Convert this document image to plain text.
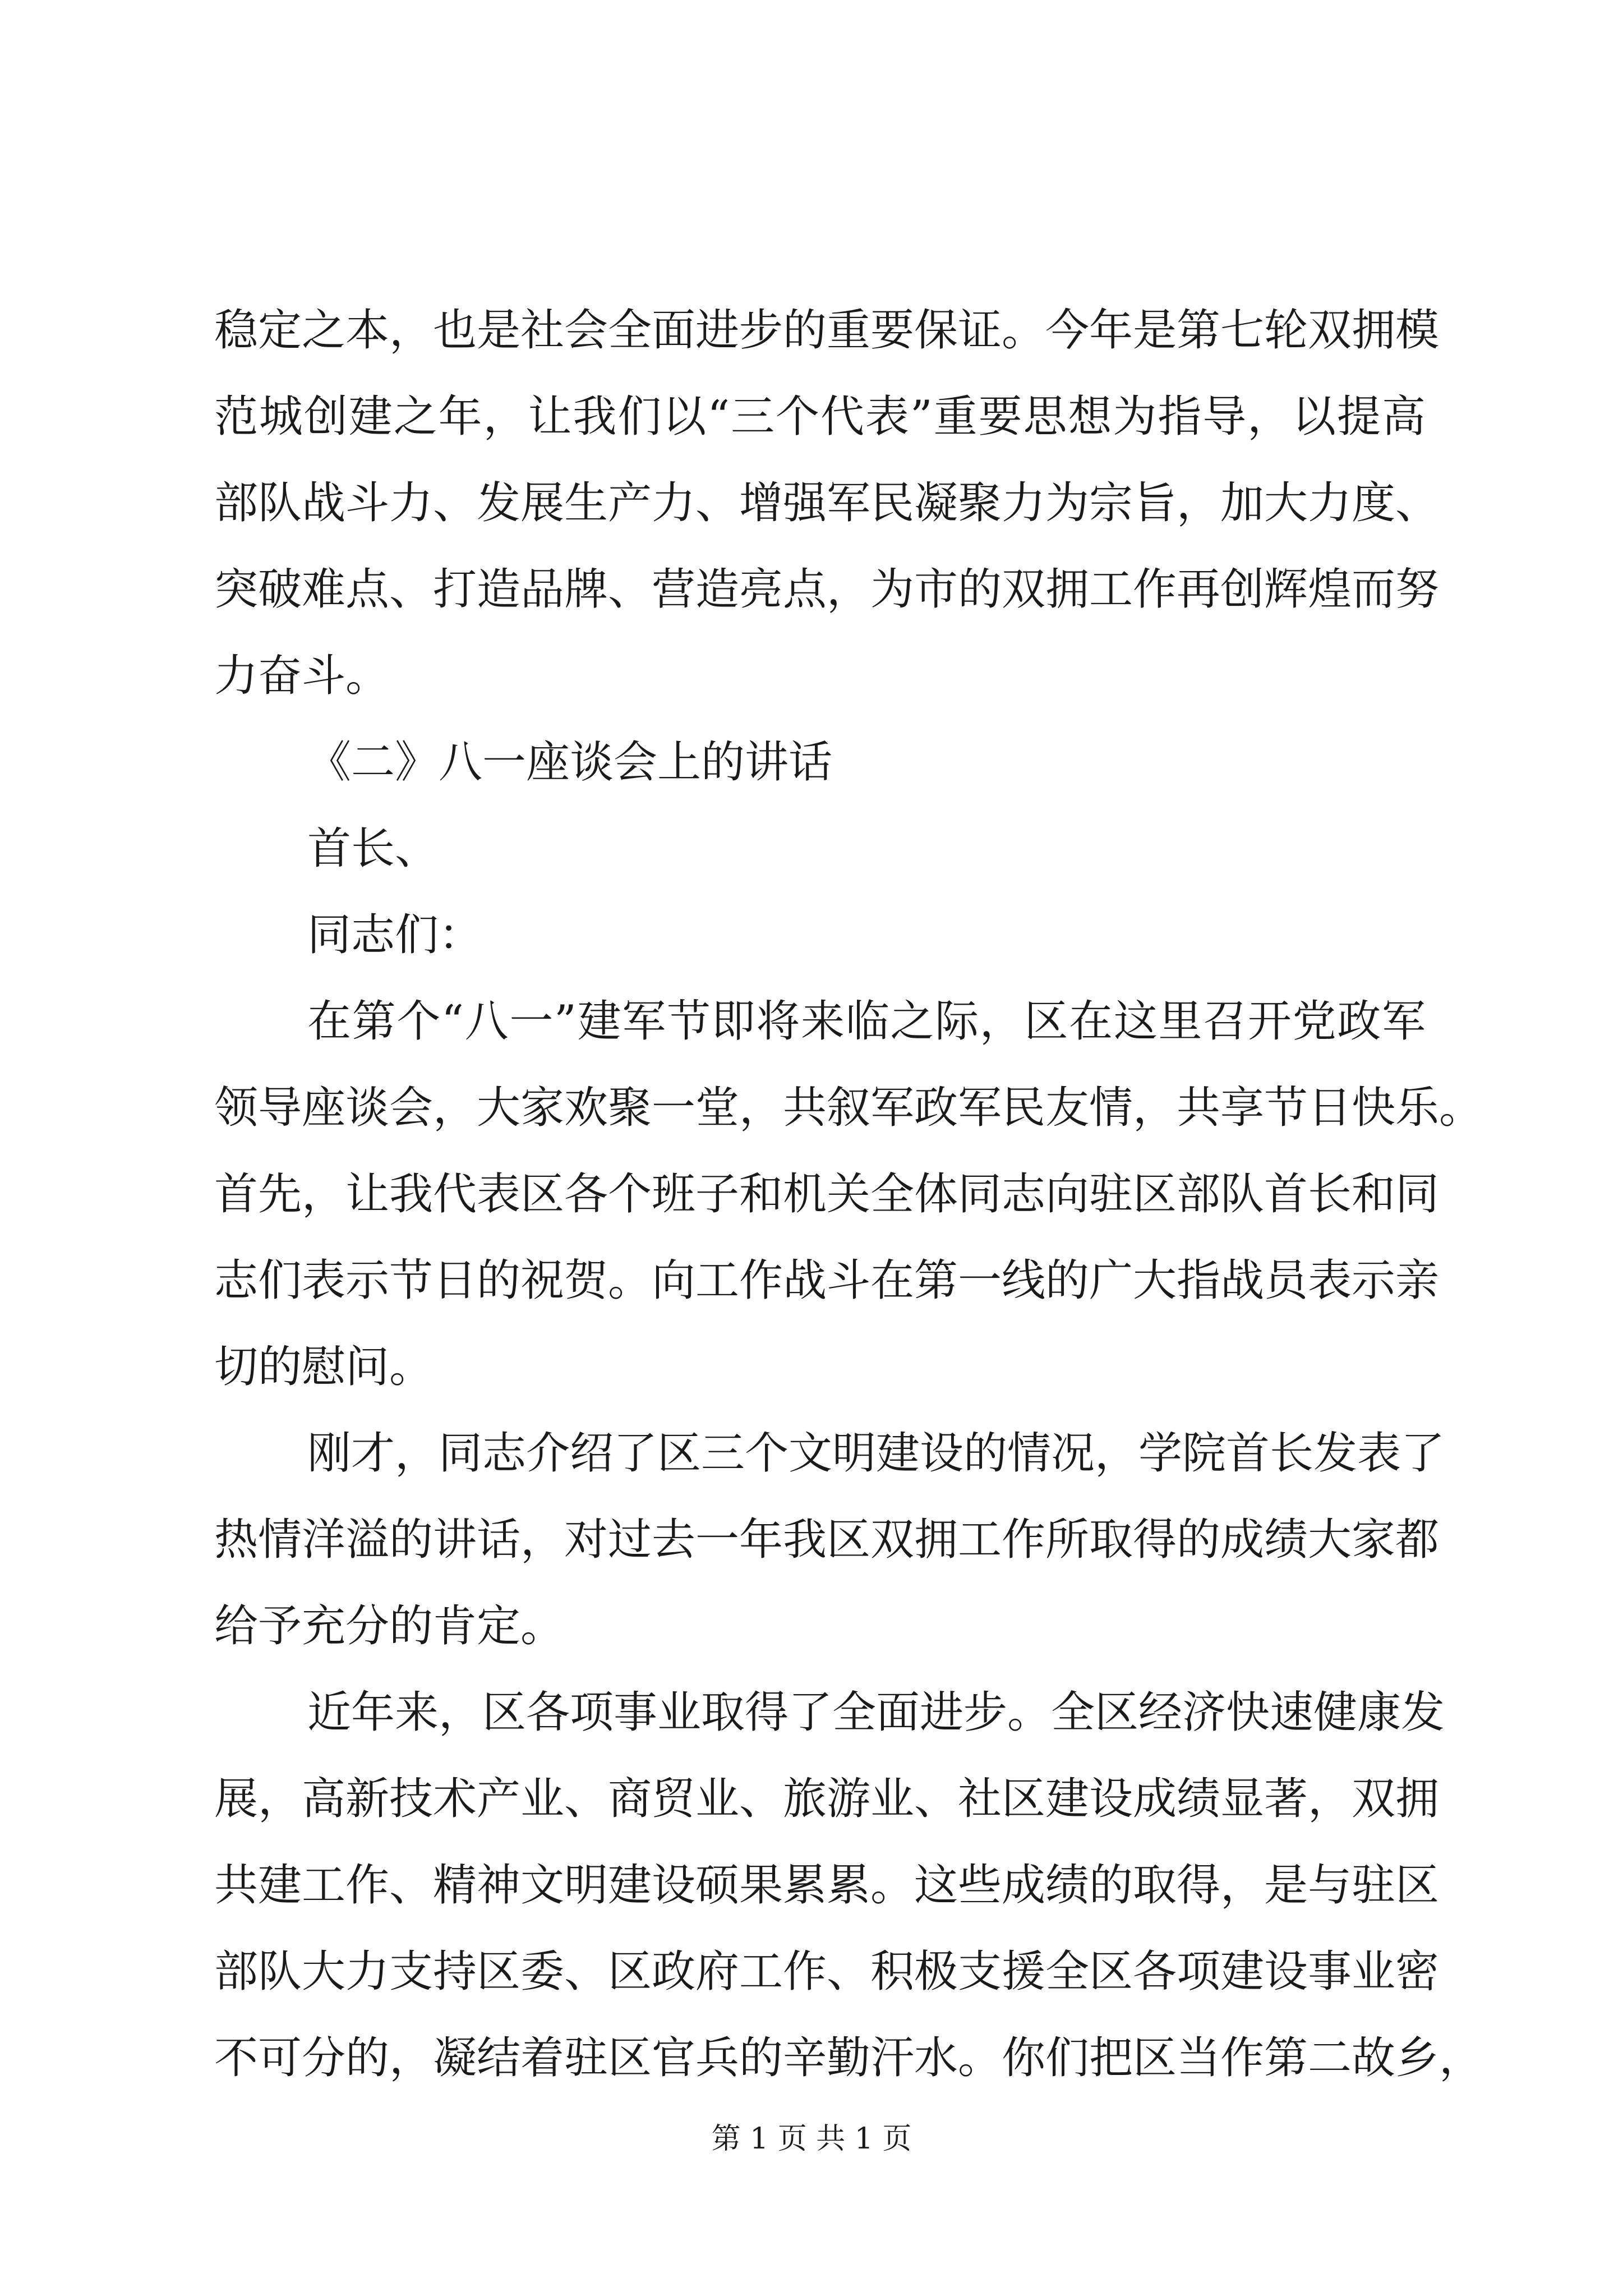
稳定之本，也是社会全面进步的重要保证。今年是第七轮双拥模
范城创建之年，让我们以“三个代表”重要思想为指导，以提高
部队战斗力、发展生产力、增强军民凝聚力为宗旨，加大力度、
突破难点、打造品牌、营造亮点，为市的双拥工作再创辉煌而努
力奋斗。
《二》八一座谈会上的讲话
首长、
同志们：
在第个“八一”建军节即将来临之际，区在这里召开党政军
领导座谈会，大家欢聚一堂，共叙军政军民友情，共享节日快乐。
首先，让我代表区各个班子和机关全体同志向驻区部队首长和同
志们表示节日的祝贺。向工作战斗在第一线的广大指战员表示亲
切的慰问。
刚才，同志介绍了区三个文明建设的情况，学院首长发表了
热情洋溢的讲话，对过去一年我区双拥工作所取得的成绩大家都
给予充分的肯定。
近年来，区各项事业取得了全面进步。全区经济快速健康发
展，高新技术产业、商贸业、旅游业、社区建设成绩显著，双拥
共建工作、精神文明建设硕果累累。这些成绩的取得，是与驻区
部队大力支持区委、区政府工作、积极支援全区各项建设事业密
不可分的，凝结着驻区官兵的辛勤汗水。你们把区当作第二故乡，
第 1 页 共 1 页
